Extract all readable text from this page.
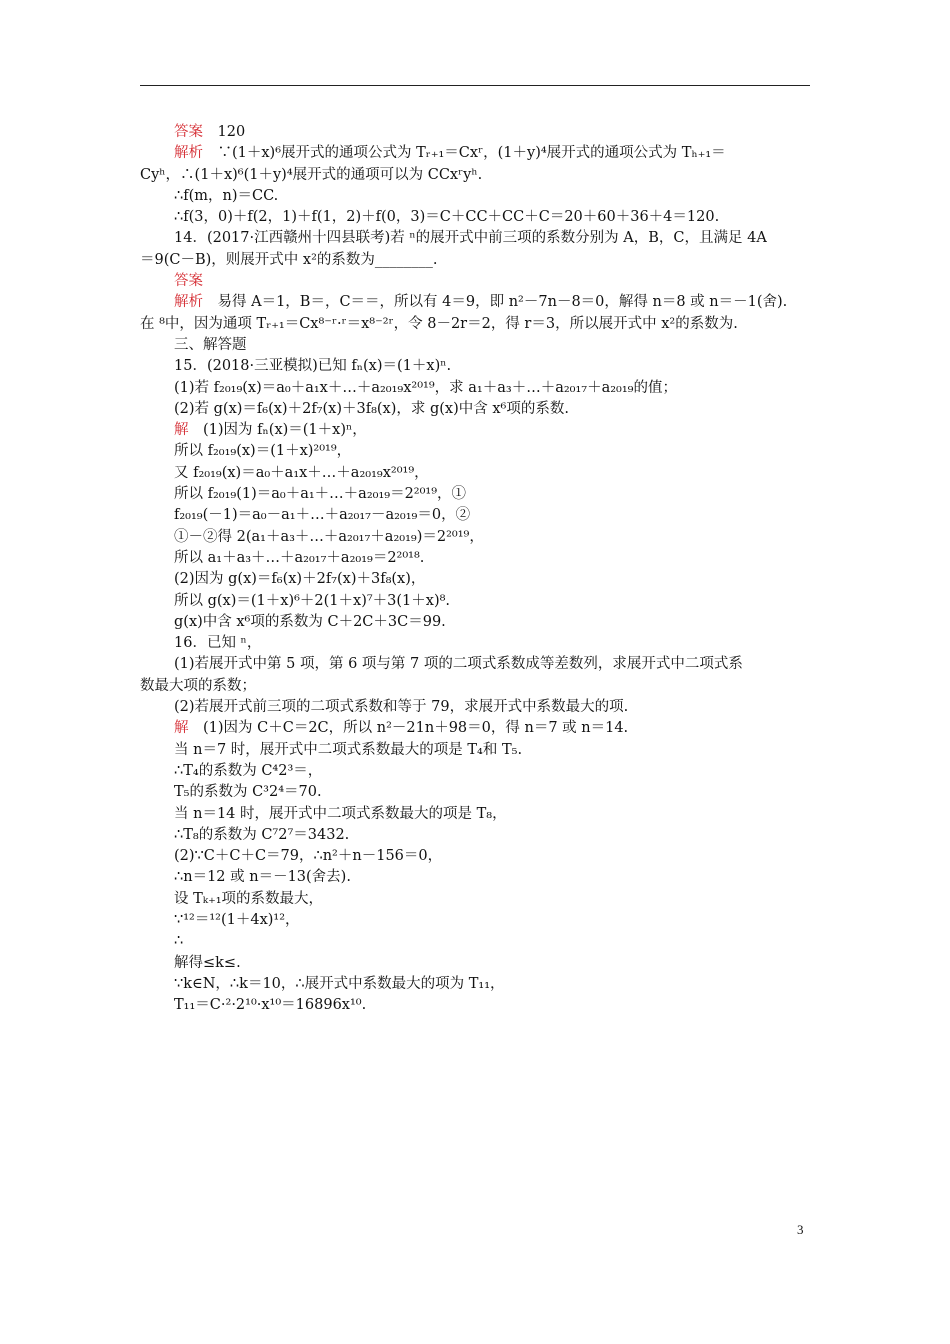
答案　120
解析　∵(1＋x)⁶展开式的通项公式为 Tᵣ₊₁＝Cxʳ，(1＋y)⁴展开式的通项公式为 Tₕ₊₁＝
Cyʰ，∴(1＋x)⁶(1＋y)⁴展开式的通项可以为 CCxʳyʰ.
∴f(m，n)＝CC.
∴f(3，0)＋f(2，1)＋f(1，2)＋f(0，3)＝C＋CC＋CC＋C＝20＋60＋36＋4＝120.
14．(2017·江西赣州十四县联考)若 ⁿ的展开式中前三项的系数分别为 A，B，C，且满足 4A
＝9(C－B)，则展开式中 x²的系数为________.
答案
解析　易得 A＝1，B＝，C＝＝，所以有 4＝9，即 n²－7n－8＝0，解得 n＝8 或 n＝－1(舍).
在 ⁸中，因为通项 Tᵣ₊₁＝Cx⁸⁻ʳ·ʳ＝x⁸⁻²ʳ，令 8－2r＝2，得 r＝3，所以展开式中 x²的系数为.
三、解答题
15．(2018·三亚模拟)已知 fₙ(x)＝(1＋x)ⁿ.
(1)若 f₂₀₁₉(x)＝a₀＋a₁x＋…＋a₂₀₁₉x²⁰¹⁹，求 a₁＋a₃＋…＋a₂₀₁₇＋a₂₀₁₉的值；
(2)若 g(x)＝f₆(x)＋2f₇(x)＋3f₈(x)，求 g(x)中含 x⁶项的系数.
解　(1)因为 fₙ(x)＝(1＋x)ⁿ，
所以 f₂₀₁₉(x)＝(1＋x)²⁰¹⁹，
又 f₂₀₁₉(x)＝a₀＋a₁x＋…＋a₂₀₁₉x²⁰¹⁹，
所以 f₂₀₁₉(1)＝a₀＋a₁＋…＋a₂₀₁₉＝2²⁰¹⁹，①
f₂₀₁₉(－1)＝a₀－a₁＋…＋a₂₀₁₇－a₂₀₁₉＝0，②
①－②得 2(a₁＋a₃＋…＋a₂₀₁₇＋a₂₀₁₉)＝2²⁰¹⁹，
所以 a₁＋a₃＋…＋a₂₀₁₇＋a₂₀₁₉＝2²⁰¹⁸.
(2)因为 g(x)＝f₆(x)＋2f₇(x)＋3f₈(x)，
所以 g(x)＝(1＋x)⁶＋2(1＋x)⁷＋3(1＋x)⁸.
g(x)中含 x⁶项的系数为 C＋2C＋3C＝99.
16．已知 ⁿ，
(1)若展开式中第 5 项，第 6 项与第 7 项的二项式系数成等差数列，求展开式中二项式系
数最大项的系数；
(2)若展开式前三项的二项式系数和等于 79，求展开式中系数最大的项.
解　(1)因为 C＋C＝2C，所以 n²－21n＋98＝0，得 n＝7 或 n＝14.
当 n＝7 时，展开式中二项式系数最大的项是 T₄和 T₅.
∴T₄的系数为 C⁴2³＝，
T₅的系数为 C³2⁴＝70.
当 n＝14 时，展开式中二项式系数最大的项是 T₈，
∴T₈的系数为 C⁷2⁷＝3432.
(2)∵C＋C＋C＝79，∴n²＋n－156＝0，
∴n＝12 或 n＝－13(舍去).
设 Tₖ₊₁项的系数最大，
∵¹²＝¹²(1＋4x)¹²，
∴
解得≤k≤.
∵k∈N，∴k＝10，∴展开式中系数最大的项为 T₁₁，
T₁₁＝C·²·2¹⁰·x¹⁰＝16896x¹⁰.
3
